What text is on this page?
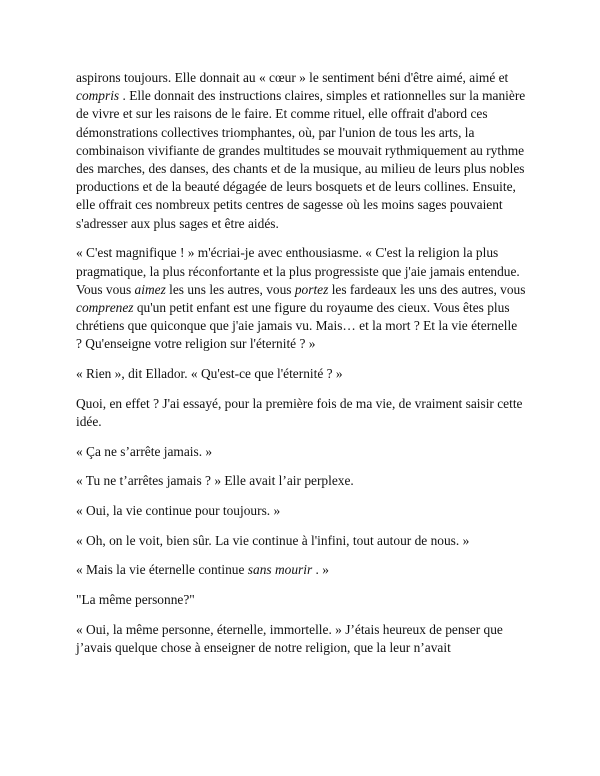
aspirons toujours. Elle donnait au « cœur » le sentiment béni d'être aimé, aimé et compris . Elle donnait des instructions claires, simples et rationnelles sur la manière de vivre et sur les raisons de le faire. Et comme rituel, elle offrait d'abord ces démonstrations collectives triomphantes, où, par l'union de tous les arts, la combinaison vivifiante de grandes multitudes se mouvait rythmiquement au rythme des marches, des danses, des chants et de la musique, au milieu de leurs plus nobles productions et de la beauté dégagée de leurs bosquets et de leurs collines. Ensuite, elle offrait ces nombreux petits centres de sagesse où les moins sages pouvaient s'adresser aux plus sages et être aidés.

« C'est magnifique ! » m'écriai-je avec enthousiasme. « C'est la religion la plus pragmatique, la plus réconfortante et la plus progressiste que j'aie jamais entendue. Vous vous aimez les uns les autres, vous portez les fardeaux les uns des autres, vous comprenez qu'un petit enfant est une figure du royaume des cieux. Vous êtes plus chrétiens que quiconque que j'aie jamais vu. Mais… et la mort ? Et la vie éternelle ? Qu'enseigne votre religion sur l'éternité ? »

« Rien », dit Ellador. « Qu'est-ce que l'éternité ? »

Quoi, en effet ? J'ai essayé, pour la première fois de ma vie, de vraiment saisir cette idée.

« Ça ne s’arrête jamais. »

« Tu ne t’arrêtes jamais ? » Elle avait l’air perplexe.

« Oui, la vie continue pour toujours. »

« Oh, on le voit, bien sûr. La vie continue à l'infini, tout autour de nous. »

« Mais la vie éternelle continue sans mourir . »

"La même personne?"

« Oui, la même personne, éternelle, immortelle. » J’étais heureux de penser que j’avais quelque chose à enseigner de notre religion, que la leur n’avait
